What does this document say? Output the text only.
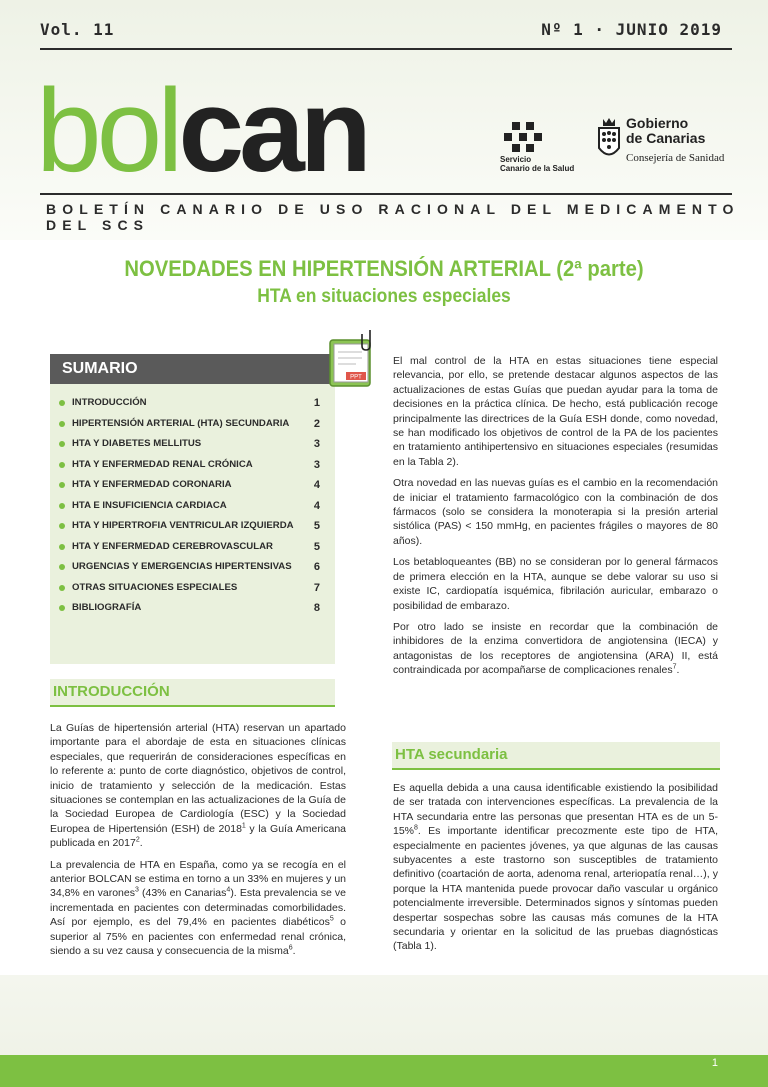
Vol. 11	Nº 1 · JUNIO 2019
bolcan	Servicio
Canario de la Salud
Gobierno
de Canarias
Consejería de Sanidad
BOLETÍN CANARIO DE USO RACIONAL DEL MEDICAMENTO DEL SCS
NOVEDADES EN HIPERTENSIÓN ARTERIAL (2ª parte)
HTA en situaciones especiales
SUMARIO
INTRODUCCIÓN	1
HIPERTENSIÓN ARTERIAL (HTA) SECUNDARIA 2
HTA Y DIABETES MELLITUS	3
HTA Y ENFERMEDAD RENAL CRÓNICA	3
HTA Y ENFERMEDAD CORONARIA	4
HTA E INSUFICIENCIA CARDIACA	4
HTA Y HIPERTROFIA VENTRICULAR IZQUIERDA 5
HTA Y ENFERMEDAD CEREBROVASCULAR	5
URGENCIAS Y EMERGENCIAS HIPERTENSIVAS 6
OTRAS SITUACIONES ESPECIALES	7
BIBLIOGRAFÍA	8
PPT
INTRODUCCIÓN

La Guías de hipertensión arterial (HTA) reservan un apartado importante para el abordaje de esta en situaciones clínicas especiales, que requerirán de consideraciones específicas en lo referente a: punto de corte diagnóstico, objetivos de control, inicio de tratamiento y selección de la medicación. Estas situaciones se contemplan en las actualizaciones de la Guía de la Sociedad Europea de Cardiología (ESC) y la Sociedad Europea de Hipertensión (ESH) de 2018$^1$ y la Guía Americana publicada en 2017$^2$.

La prevalencia de HTA en España, como ya se recogía en el anterior BOLCAN se estima en torno a un 33% en mujeres y un 34,8% en varones$^3$ (43% en Canarias$^4$). Esta prevalencia se ve incrementada en pacientes con determinadas comorbilidades. Así por ejemplo, es del 79,4% en pacientes diabéticos$^5$ o superior al 75% en pacientes con enfermedad renal crónica, siendo a su vez causa y consecuencia de la misma$^6$.

El mal control de la HTA en estas situaciones tiene especial relevancia, por ello, se pretende destacar algunos aspectos de las actualizaciones de estas Guías que puedan ayudar para la toma de decisiones en la práctica clínica. De hecho, está publicación recoge principalmente las directrices de la Guía ESH donde, como novedad, se han modificado los objetivos de control de la PA de los pacientes en tratamiento antihipertensivo en situaciones especiales (resumidas en la Tabla 2).

Otra novedad en las nuevas guías es el cambio en la recomendación de iniciar el tratamiento farmacológico con la combinación de dos fármacos (solo se considera la monoterapia si la presión arterial sistólica (PAS) < 150 mmHg, en pacientes frágiles o mayores de 80 años).

Los betabloqueantes (BB) no se consideran por lo general fármacos de primera elección en la HTA, aunque se debe valorar su uso si existe IC, cardiopatía isquémica, fibrilación auricular, embarazo o posibilidad de embarazo.

Por otro lado se insiste en recordar que la combinación de inhibidores de la enzima convertidora de angiotensina (IECA) y antagonistas de los receptores de angiotensina (ARA) II, está contraindicada por acompañarse de complicaciones renales$^7$.

HTA secundaria

Es aquella debida a una causa identificable existiendo la posibilidad de ser tratada con intervenciones específicas. La prevalencia de la HTA secundaria entre las personas que presentan HTA es de un 5-15%$^8$. Es importante identificar precozmente este tipo de HTA, especialmente en pacientes jóvenes, ya que algunas de las causas subyacentes a este trastorno son susceptibles de tratamiento definitivo (coartación de aorta, adenoma renal, arteriopatía renal…), y porque la HTA mantenida puede provocar daño vascular u orgánico potencialmente irreversible. Determinados signos y síntomas pueden despertar sospechas sobre las causas más comunes de la HTA secundaria y orientar en la solicitud de las pruebas diagnósticas (Tabla 1).

1
